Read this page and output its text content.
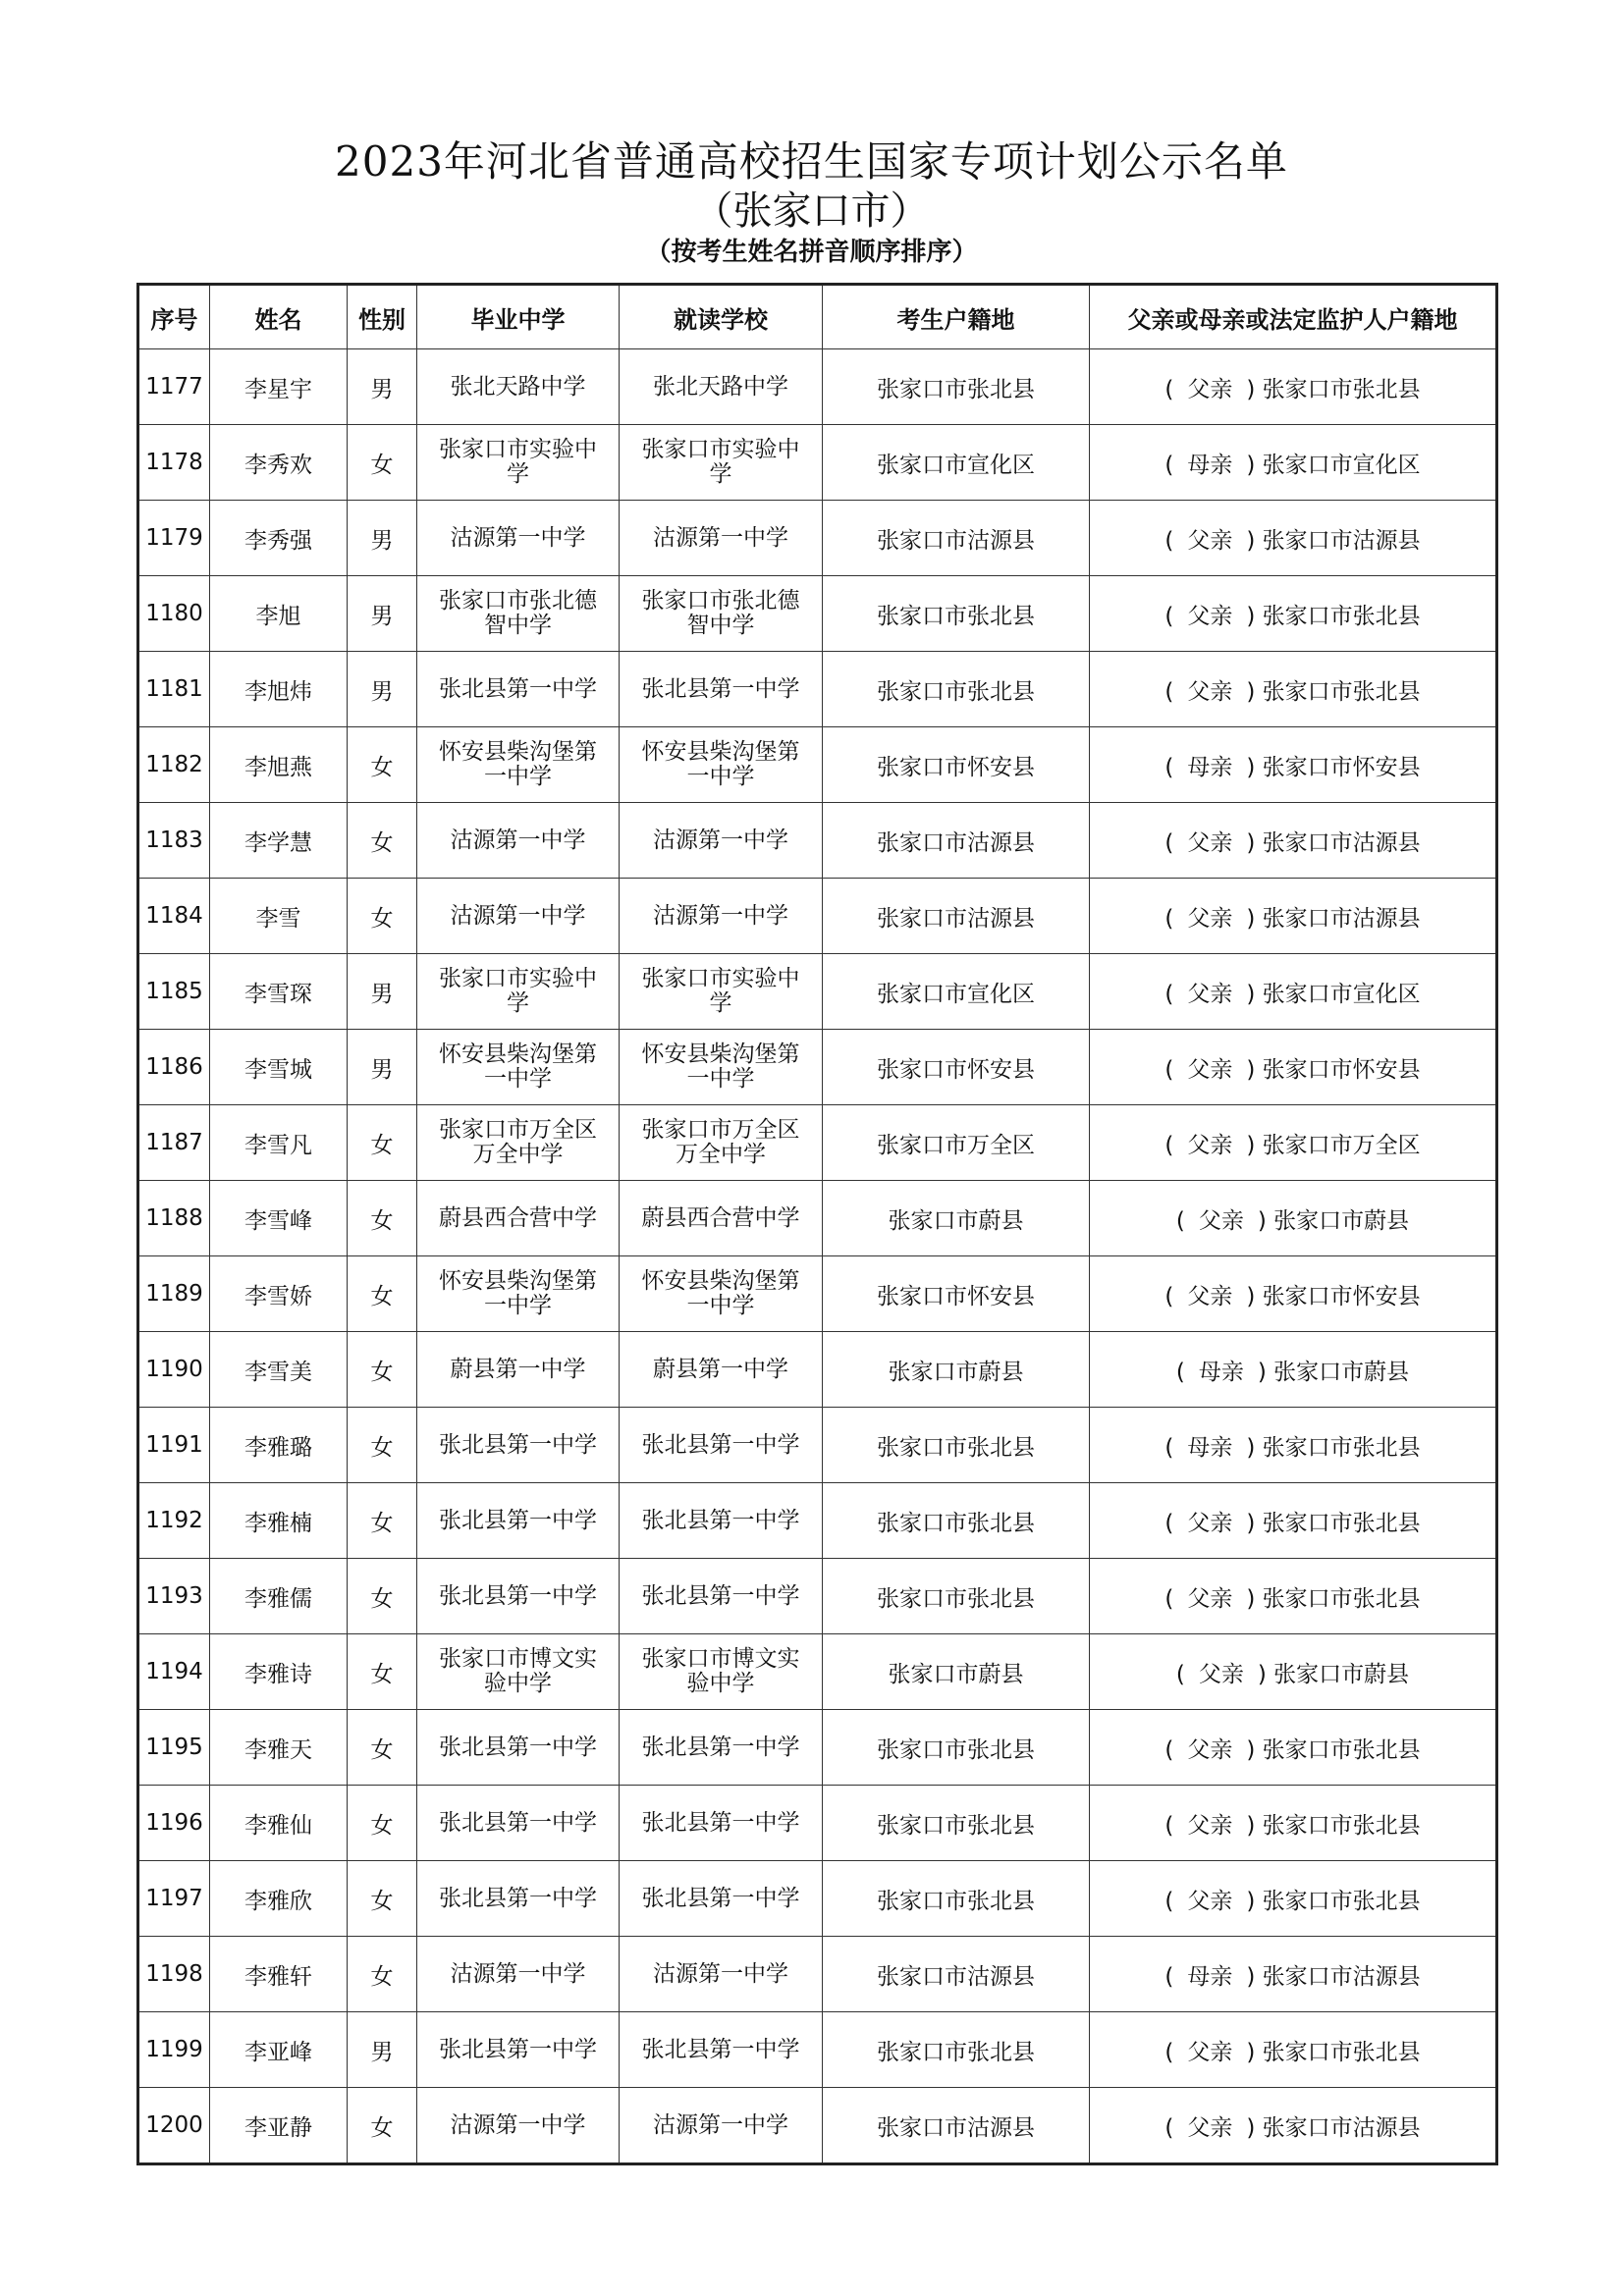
2023年河北省普通高校招生国家专项计划公示名单
（张家口市）
（按考生姓名拼音顺序排序）
序号	姓名	性别	毕业中学	就读学校	考生户籍地	父亲或母亲或法定监护人户籍地
1177	李星宇	男	张北天路中学	张北天路中学	张家口市张北县	( 父亲 ) 张家口市张北县
1178	李秀欢	女	张家口市实验中学	张家口市实验中学	张家口市宣化区	( 母亲 ) 张家口市宣化区
1179	李秀强	男	沽源第一中学	沽源第一中学	张家口市沽源县	( 父亲 ) 张家口市沽源县
1180	李旭	男	张家口市张北德智中学	张家口市张北德智中学	张家口市张北县	( 父亲 ) 张家口市张北县
1181	李旭炜	男	张北县第一中学	张北县第一中学	张家口市张北县	( 父亲 ) 张家口市张北县
1182	李旭燕	女	怀安县柴沟堡第一中学	怀安县柴沟堡第一中学	张家口市怀安县	( 母亲 ) 张家口市怀安县
1183	李学慧	女	沽源第一中学	沽源第一中学	张家口市沽源县	( 父亲 ) 张家口市沽源县
1184	李雪	女	沽源第一中学	沽源第一中学	张家口市沽源县	( 父亲 ) 张家口市沽源县
1185	李雪琛	男	张家口市实验中学	张家口市实验中学	张家口市宣化区	( 父亲 ) 张家口市宣化区
1186	李雪城	男	怀安县柴沟堡第一中学	怀安县柴沟堡第一中学	张家口市怀安县	( 父亲 ) 张家口市怀安县
1187	李雪凡	女	张家口市万全区万全中学	张家口市万全区万全中学	张家口市万全区	( 父亲 ) 张家口市万全区
1188	李雪峰	女	蔚县西合营中学	蔚县西合营中学	张家口市蔚县	( 父亲 ) 张家口市蔚县
1189	李雪娇	女	怀安县柴沟堡第一中学	怀安县柴沟堡第一中学	张家口市怀安县	( 父亲 ) 张家口市怀安县
1190	李雪美	女	蔚县第一中学	蔚县第一中学	张家口市蔚县	( 母亲 ) 张家口市蔚县
1191	李雅璐	女	张北县第一中学	张北县第一中学	张家口市张北县	( 母亲 ) 张家口市张北县
1192	李雅楠	女	张北县第一中学	张北县第一中学	张家口市张北县	( 父亲 ) 张家口市张北县
1193	李雅儒	女	张北县第一中学	张北县第一中学	张家口市张北县	( 父亲 ) 张家口市张北县
1194	李雅诗	女	张家口市博文实验中学	张家口市博文实验中学	张家口市蔚县	( 父亲 ) 张家口市蔚县
1195	李雅天	女	张北县第一中学	张北县第一中学	张家口市张北县	( 父亲 ) 张家口市张北县
1196	李雅仙	女	张北县第一中学	张北县第一中学	张家口市张北县	( 父亲 ) 张家口市张北县
1197	李雅欣	女	张北县第一中学	张北县第一中学	张家口市张北县	( 父亲 ) 张家口市张北县
1198	李雅轩	女	沽源第一中学	沽源第一中学	张家口市沽源县	( 母亲 ) 张家口市沽源县
1199	李亚峰	男	张北县第一中学	张北县第一中学	张家口市张北县	( 父亲 ) 张家口市张北县
1200	李亚静	女	沽源第一中学	沽源第一中学	张家口市沽源县	( 父亲 ) 张家口市沽源县
